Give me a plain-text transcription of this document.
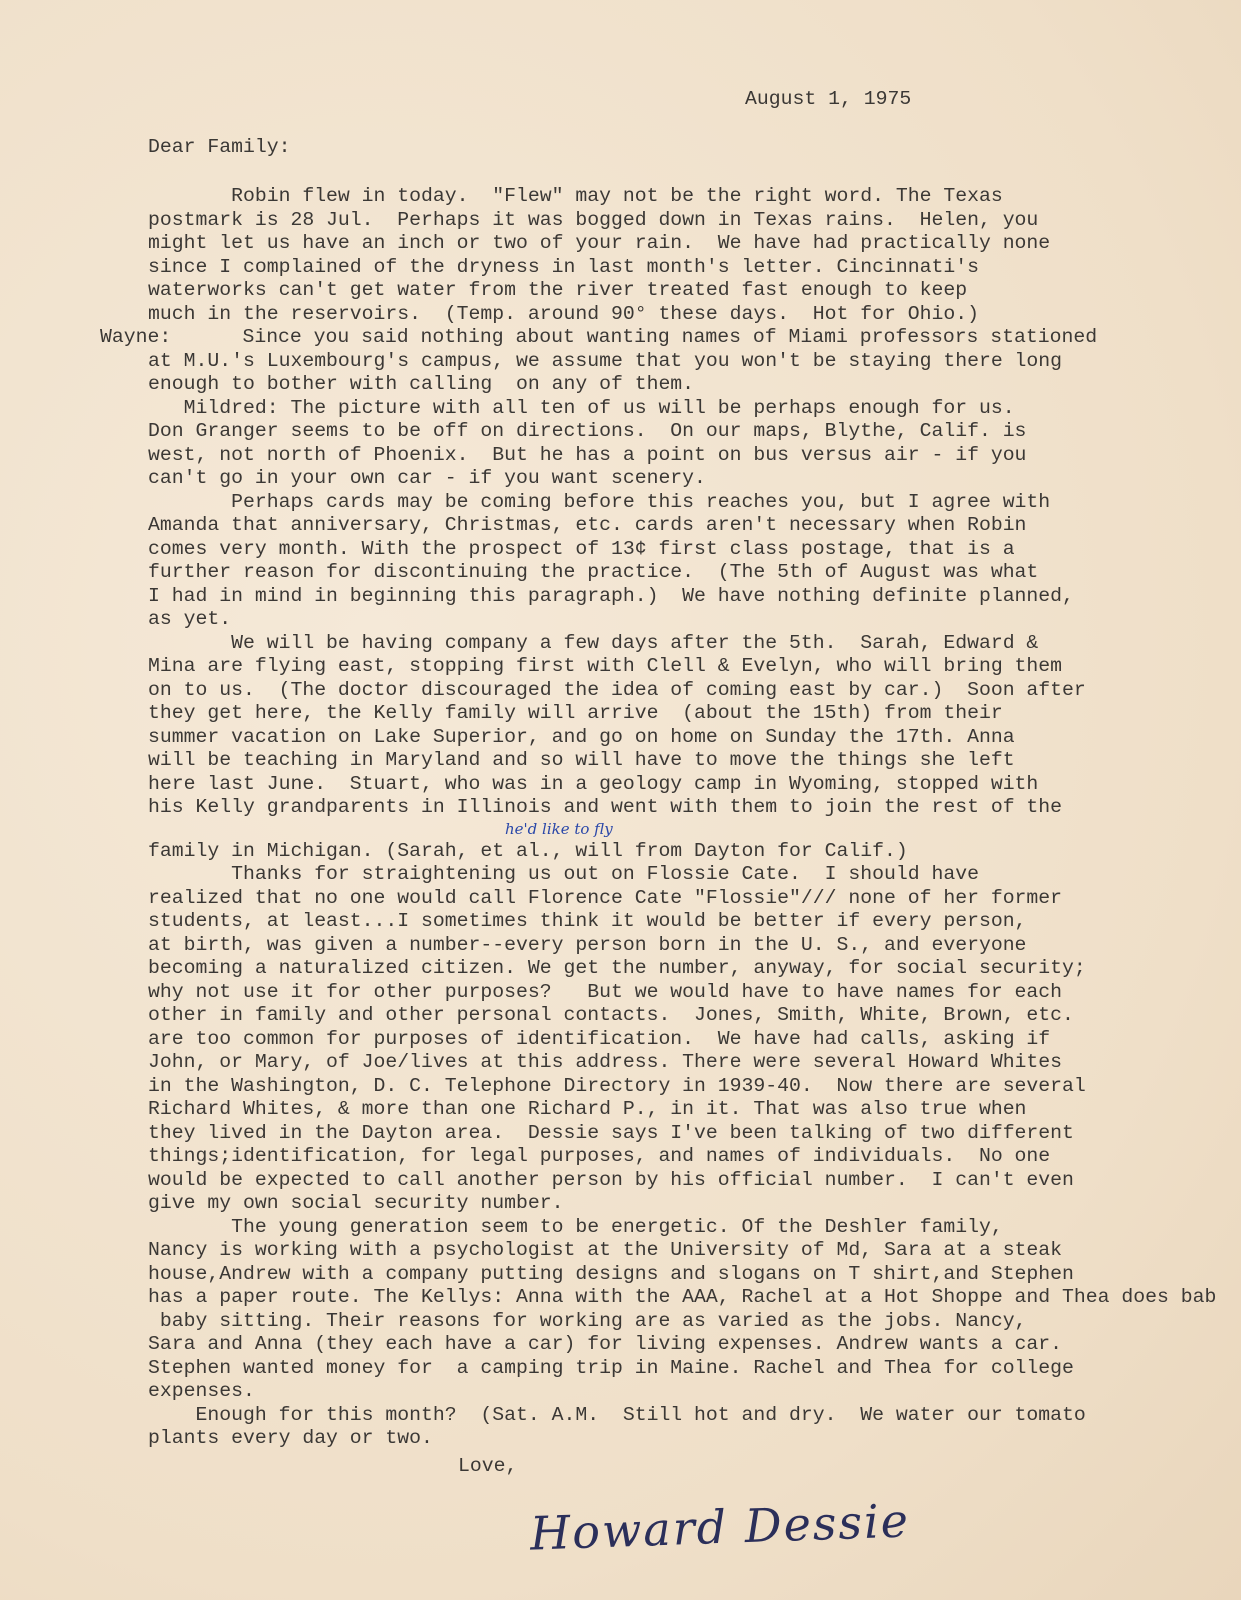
August 1, 1975
Dear Family:
Robin flew in today.  "Flew" may not be the right word. The Texas
postmark is 28 Jul.  Perhaps it was bogged down in Texas rains.  Helen, you
might let us have an inch or two of your rain.  We have had practically none
since I complained of the dryness in last month's letter. Cincinnati's
waterworks can't get water from the river treated fast enough to keep
much in the reservoirs.  (Temp. around 90° these days.  Hot for Ohio.)
Wayne:      Since you said nothing about wanting names of Miami professors stationed
at M.U.'s Luxembourg's campus, we assume that you won't be staying there long
enough to bother with calling  on any of them.
Mildred: The picture with all ten of us will be perhaps enough for us.
Don Granger seems to be off on directions.  On our maps, Blythe, Calif. is
west, not north of Phoenix.  But he has a point on bus versus air - if you
can't go in your own car - if you want scenery.
Perhaps cards may be coming before this reaches you, but I agree with
Amanda that anniversary, Christmas, etc. cards aren't necessary when Robin
comes very month. With the prospect of 13¢ first class postage, that is a
further reason for discontinuing the practice.  (The 5th of August was what
I had in mind in beginning this paragraph.)  We have nothing definite planned,
as yet.
We will be having company a few days after the 5th.  Sarah, Edward &
Mina are flying east, stopping first with Clell & Evelyn, who will bring them
on to us.  (The doctor discouraged the idea of coming east by car.)  Soon after
they get here, the Kelly family will arrive  (about the 15th) from their
summer vacation on Lake Superior, and go on home on Sunday the 17th. Anna
will be teaching in Maryland and so will have to move the things she left
here last June.  Stuart, who was in a geology camp in Wyoming, stopped with
his Kelly grandparents in Illinois and went with them to join the rest of the
family in Michigan. (Sarah, et al., will from Dayton for Calif.)
Thanks for straightening us out on Flossie Cate.  I should have
realized that no one would call Florence Cate "Flossie"/// none of her former
students, at least...I sometimes think it would be better if every person,
at birth, was given a number--every person born in the U. S., and everyone
becoming a naturalized citizen. We get the number, anyway, for social security;
why not use it for other purposes?   But we would have to have names for each
other in family and other personal contacts.  Jones, Smith, White, Brown, etc.
are too common for purposes of identification.  We have had calls, asking if
John, or Mary, of Joe/lives at this address. There were several Howard Whites
in the Washington, D. C. Telephone Directory in 1939-40.  Now there are several
Richard Whites, & more than one Richard P., in it. That was also true when
they lived in the Dayton area.  Dessie says I've been talking of two different
things;identification, for legal purposes, and names of individuals.  No one
would be expected to call another person by his official number.  I can't even
give my own social security number.
The young generation seem to be energetic. Of the Deshler family,
Nancy is working with a psychologist at the University of Md, Sara at a steak
house,Andrew with a company putting designs and slogans on T shirt,and Stephen
has a paper route. The Kellys: Anna with the AAA, Rachel at a Hot Shoppe and Thea does bab
baby sitting. Their reasons for working are as varied as the jobs. Nancy,
Sara and Anna (they each have a car) for living expenses. Andrew wants a car.
Stephen wanted money for  a camping trip in Maine. Rachel and Thea for college
expenses.
Enough for this month?  (Sat. A.M.  Still hot and dry.  We water our tomato
plants every day or two.
he'd like to fly
Love,
Howard Dessie
